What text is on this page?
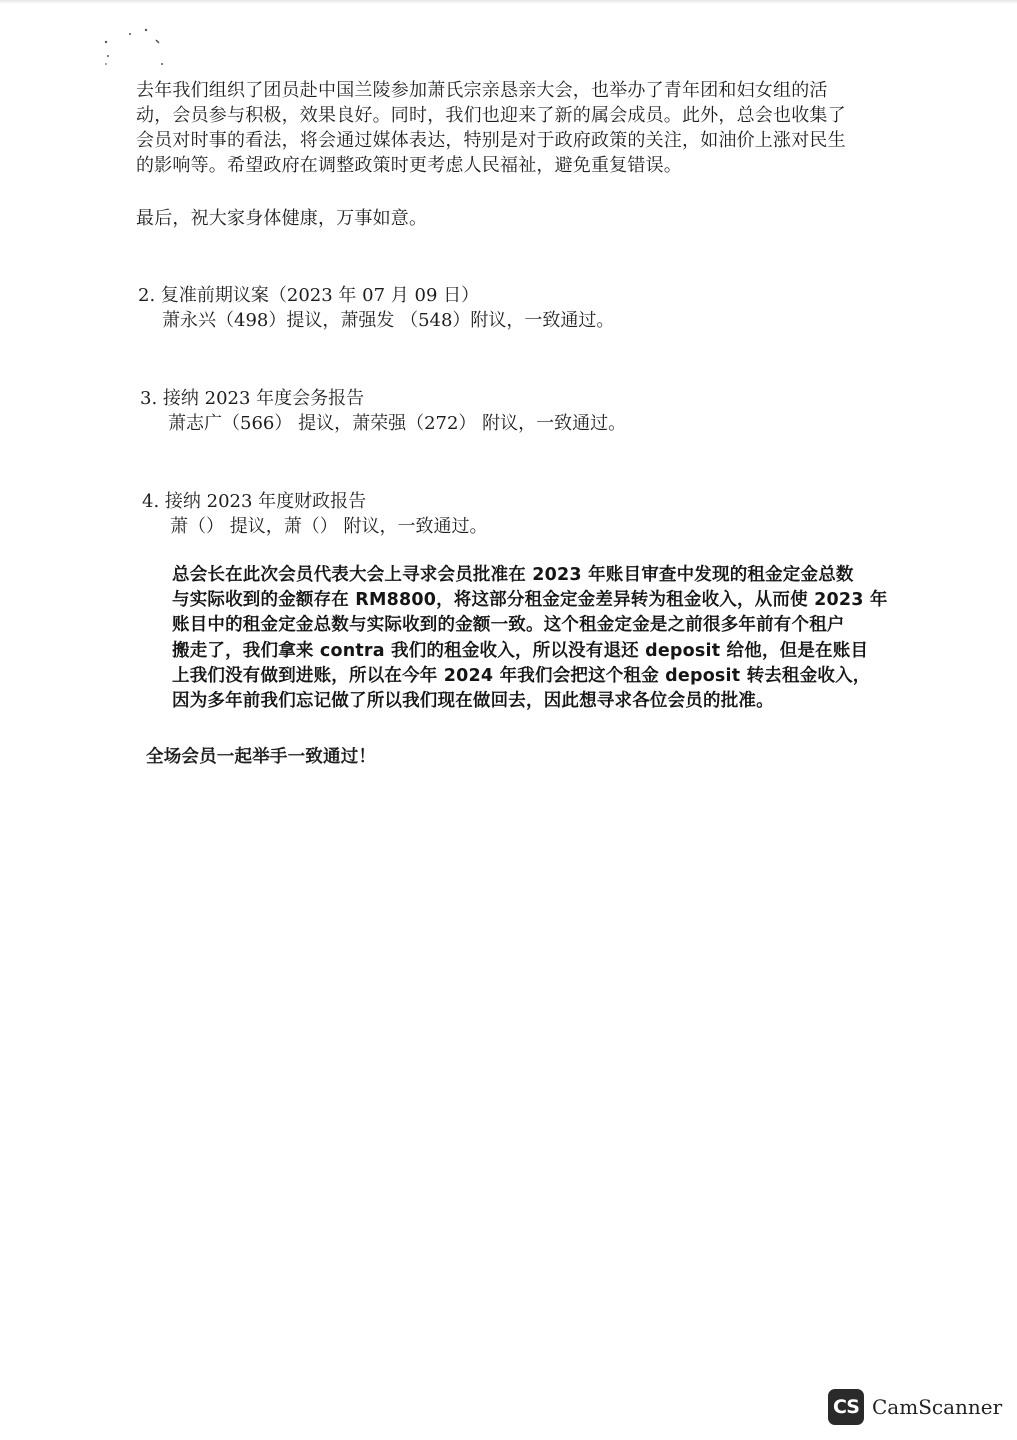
去年我们组织了团员赴中国兰陵参加萧氏宗亲恳亲大会，也举办了青年团和妇女组的活
动，会员参与积极，效果良好。同时，我们也迎来了新的属会成员。此外，总会也收集了
会员对时事的看法，将会通过媒体表达，特别是对于政府政策的关注，如油价上涨对民生
的影响等。希望政府在调整政策时更考虑人民福祉，避免重复错误。
最后，祝大家身体健康，万事如意。
2. 复准前期议案（2023 年 07 月 09 日）
萧永兴（498）提议，萧强发 （548）附议，一致通过。
3. 接纳 2023 年度会务报告
萧志广（566） 提议，萧荣强（272） 附议，一致通过。
4. 接纳 2023 年度财政报告
萧（） 提议，萧（） 附议，一致通过。
总会长在此次会员代表大会上寻求会员批准在 2023 年账目审查中发现的租金定金总数
与实际收到的金额存在 RM8800，将这部分租金定金差异转为租金收入，从而使 2023 年
账目中的租金定金总数与实际收到的金额一致。这个租金定金是之前很多年前有个租户
搬走了，我们拿来 contra 我们的租金收入，所以没有退还 deposit 给他，但是在账目
上我们没有做到进账，所以在今年 2024 年我们会把这个租金 deposit 转去租金收入，
因为多年前我们忘记做了所以我们现在做回去，因此想寻求各位会员的批准。
全场会员一起举手一致通过！
CS CamScanner
